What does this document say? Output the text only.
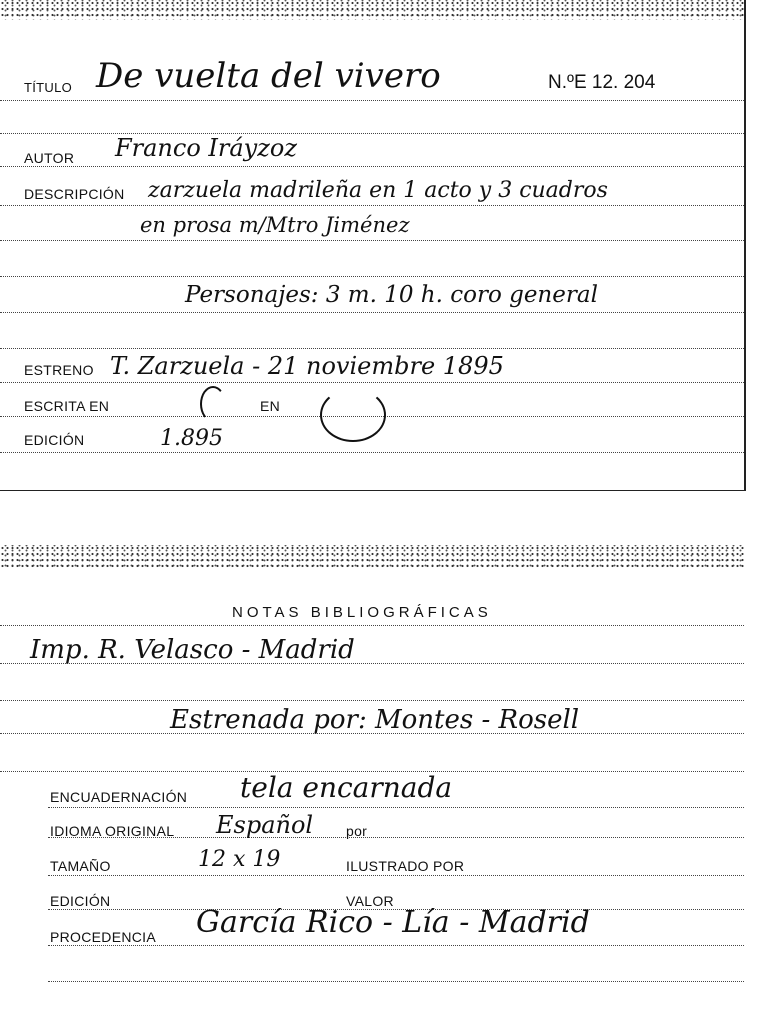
TÍTULO De vuelta del vivero	N.ºE 12. 204
AUTOR Franco Iráyzoz
DESCRIPCIÓN zarzuela madrileña en 1 acto y 3 cuadros
en prosa m/Mtro Jiménez
Personajes: 3 m. 10 h. coro general
ESTRENO T. Zarzuela - 21 noviembre 1895
ESCRITA EN	EN
EDICIÓN	1.895
NOTAS BIBLIOGRÁFICAS
Imp. R. Velasco - Madrid
Estrenada por: Montes - Rosell
ENCUADERNACIÓN tela encarnada
IDIOMA ORIGINAL Español por
TAMAÑO	12 x 19	ILUSTRADO POR
EDICIÓN	VALOR
PROCEDENCIA García Rico - Lía - Madrid
